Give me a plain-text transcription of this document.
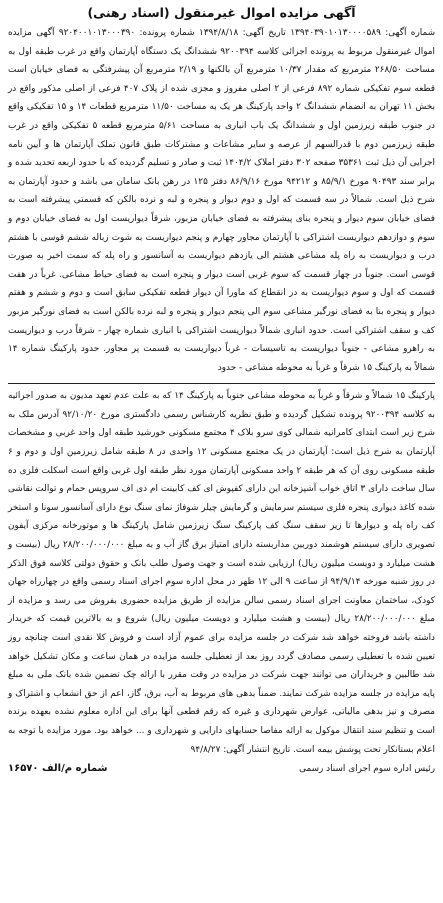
آگهی مزایده اموال غیرمنقول (اسناد رهنی)

شماره آگهی: ۱۳۹۴۰۳۹۰۱۰۱۳۰۰۰۰۵۸۹ تاریخ آگهی: ۱۳۹۴/۸/۱۸ شماره پرونده: ۹۲۰۴۰۰۱۰۱۳۰۰۰۳۹۰ آگهی مزایده اموال غیرمنقول مربوط به پرونده اجرائی کلاسه ۹۲۰۰۳۹۴ ششدانگ یک دستگاه آپارتمان واقع در غرب طبقه اول به مساحت ۲۶۸/۵۰ مترمربع که مقدار ۱۰/۳۷ مترمربع آن بالکنها و ۲/۱۹ مترمربع آن پیشرفتگی به فضای خیابان است قطعه سوم تفکیکی شماره ۸۹۲ فرعی از ۲ اصلی مفروز و مجزی شده از پلاک ۴۰۷ فرعی از اصلی مذکور واقع در بخش ۱۱ تهران به انضمام ششدانگ ۲ واحد پارکینگ هر یک به مساحت ۱۱/۵۰ مترمربع قطعات ۱۴ و ۱۵ تفکیکی واقع در جنوب طبقه زیرزمین اول و ششدانگ یک باب انباری به مساحت ۵/۶۱ مترمربع قطعه ۵ تفکیکی واقع در غرب طبقه زیرزمین دوم با قدرالسهم از عرصه و سایر مشاعات و مشترکات طبق قانون تملک آپارتمان ها و آیین نامه اجرایی آن ذیل ثبت ۳۵۳۶۱ صفحه ۳۰۲ دفتر املاک ۱۴۰۴/۲ ثبت و صادر و تسلیم گردیده که با حدود اربعه تحدید شده و برابر سند ۹۰۴۹۳ مورخ ۸۵/۹/۱ و ۹۴۲۱۲ مورخ ۸۶/۹/۱۶ دفتر ۱۲۵ در رهن بانک سامان می باشد و حدود آپارتمان به شرح ذیل است. شمالاً در سه قسمت که اول و دوم دیوار و پنجره و لبه و نرده بالکن که قسمتی پیشرفته است به فضای خیابان سوم دیوار و پنجره بنای پیشرفته به فضای خیابان مزبور، شرقاً دیواریست اول به فضای خیابان دوم و سوم و دوازدهم دیواریست اشتراکی با آپارتمان مجاور چهارم و پنجم دیواریست به شوت زباله ششم قوسی با هشتم درب و دیواریست به راه پله مشاعی هشتم الی یازدهم دیواریست به آسانسور و راه پله که سمت اخیر به صورت قوسی است. جنوباً در چهار قسمت که سوم غربی است دیوار و پنجره است به فضای حیاط مشاعی. غرباً در هفت قسمت که اول و سوم دیواریست به در انقطاع که ماورا آن دیوار قطعه تفکیکی سابق است و دوم و ششم و هفتم دیوار و پنجره بنا به فضای نورگیر مشاعی سوم الی پنجم دیوار و پنجره و لبه نرده بالکن است به فضای نورگیر مزبور کف و سقف اشتراکی است. حدود انباری شمالاً دیواریست اشتراکی با انباری شماره چهار - شرقاً درب و دیواریست به راهرو مشاعی - جنوباً دیواریست به تاسیسات - غرباً دیواریست به قسمت پر مجاور. حدود پارکینگ شماره ۱۴ شمالاً به پارکینگ ۱۵ شرقاً و غرباً به محوطه مشاعی - حدود

پارکینگ ۱۵ شمالاً و شرقاً و غرباً به محوطه مشاعی جنوباً به پارکینگ ۱۴ که به علت عدم تعهد مدیون به صدور اجرائیه به کلاسه ۹۲۰۰۳۹۴ پرونده تشکیل گردیده و طبق نظریه کارشناس رسمی دادگستری مورخ ۹۲/۱۰/۲۰ آدرس ملک به شرح زیر است ابتدای کامرانیه شمالی کوی سرو بلاک ۴ مجتمع مسکونی خورشید طبقه اول واحد غربی و مشخصات آپارتمان به شرح ذیل است: آپارتمان در یک مجتمع مسکونی ۱۲ واحدی در ۸ طبقه شامل زیرزمین اول و دوم و ۶ طبقه مسکونی روی آن که هر طبقه ۲ واحد مسکونی آپارتمان مورد نظر طبقه اول غربی واقع است اسکلت فلزی ده سال ساخت دارای ۳ اتاق خواب آشپزخانه این دارای کفپوش ای کف کابینت ام دی اف سرویس حمام و توالت نقاشی شده کاغذ دیواری پنجره فلزی سیستم سرمایش و گرمایش چیلر شوفاژ نمای سنگ نوع دارای آسانسور سونا و استخر کف راه پله و دیوارها تا زیر سقف سنگ کف پارکینگ سنگ زیرزمین شامل پارکینگ ها و موتورخانه مرکزی آیفون تصویری دارای سیستم هوشمند دوربین مداربسته دارای امتیاز برق گاز آب و به مبلغ ۲۸/۲۰۰/۰۰۰/۰۰۰ ریال (بیست و هشت میلیارد و دویست میلیون ریال) ارزیابی شده است و جهت وصول طلب بانک و حقوق دولتی کلاسه فوق الذکر در روز شنبه مورخه ۹۴/۹/۱۴ از ساعت ۹ الی ۱۲ ظهر در محل اداره سوم اجرای اسناد رسمی واقع در چهارراه جهان کودک، ساختمان معاونت اجرای اسناد رسمی سالن مزایده از طریق مزایده حضوری بفروش می رسد و مزایده از مبلغ ۲۸/۲۰۰/۰۰۰/۰۰۰ ریال (بیست و هشت میلیارد و دویست میلیون ریال) شروع و به بالاترین قیمت که خریدار داشته باشد فروخته خواهد شد شرکت در جلسه مزایده برای عموم آزاد است و فروش کلا نقدی است چنانچه روز تعیین شده با تعطیلی رسمی مصادف گردد روز بعد از تعطیلی جلسه مزایده در همان ساعت و مکان تشکیل خواهد شد طالبین و خریداران می توانند جهت شرکت در مزایده در وقت مقرر با ارائه چک تضمین شده بانک ملی به مبلغ پایه مزایده در جلسه مزایده شرکت نمایند. ضمناً بدهی های مربوط به آب، برق، گاز، اعم از حق انشعاب و اشتراک و مصرف و نیز بدهی مالیاتی، عوارض شهرداری و غیره که رقم قطعی آنها برای این اداره معلوم نشده بعهده برنده است و تنظیم سند انتقال موکول به ارائه مفاصا حسابهای دارایی و شهرداری و ... خواهد بود. مورد مزایده با توجه به اعلام بستانکار تحت پوشش بیمه است. تاریخ انتشار آگهی: ۹۴/۸/۲۷

رئیس اداره سوم اجرای اسناد رسمی
شماره م/الف ۱۶۵۷۰
